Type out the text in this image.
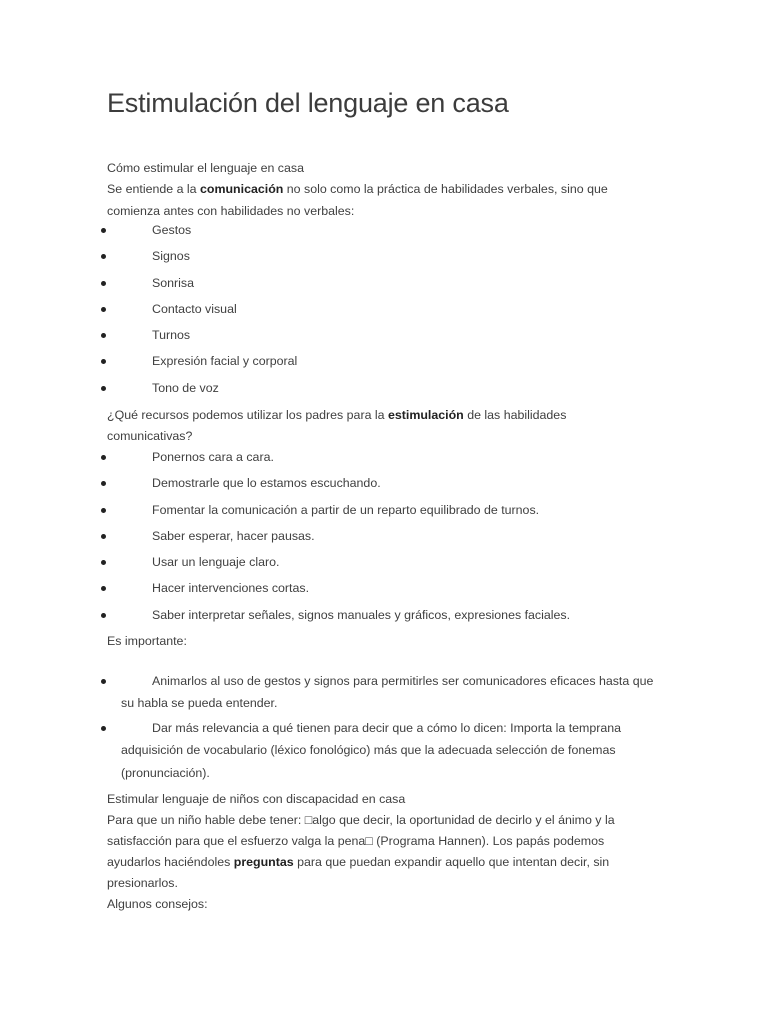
Estimulación del lenguaje en casa

Cómo estimular el lenguaje en casa

Se entiende a la comunicación no solo como la práctica de habilidades verbales, sino que

comienza antes con habilidades no verbales:

Gestos

Signos

Sonrisa

Contacto visual

Turnos

Expresión facial y corporal

Tono de voz

¿Qué recursos podemos utilizar los padres para la estimulación de las habilidades

comunicativas?

Ponernos cara a cara.

Demostrarle que lo estamos escuchando.

Fomentar la comunicación a partir de un reparto equilibrado de turnos.

Saber esperar, hacer pausas.

Usar un lenguaje claro.

Hacer intervenciones cortas.

Saber interpretar señales, signos manuales y gráficos, expresiones faciales.

Es importante:

Animarlos al uso de gestos y signos para permitirles ser comunicadores eficaces hasta que

su habla se pueda entender.

Dar más relevancia a qué tienen para decir que a cómo lo dicen: Importa la temprana

adquisición de vocabulario (léxico fonológico) más que la adecuada selección de fonemas

(pronunciación).

Estimular lenguaje de niños con discapacidad en casa

Para que un niño hable debe tener: □algo que decir, la oportunidad de decirlo y el ánimo y la

satisfacción para que el esfuerzo valga la pena□ (Programa Hannen). Los papás podemos

ayudarlos haciéndoles preguntas para que puedan expandir aquello que intentan decir, sin

presionarlos.

Algunos consejos:
